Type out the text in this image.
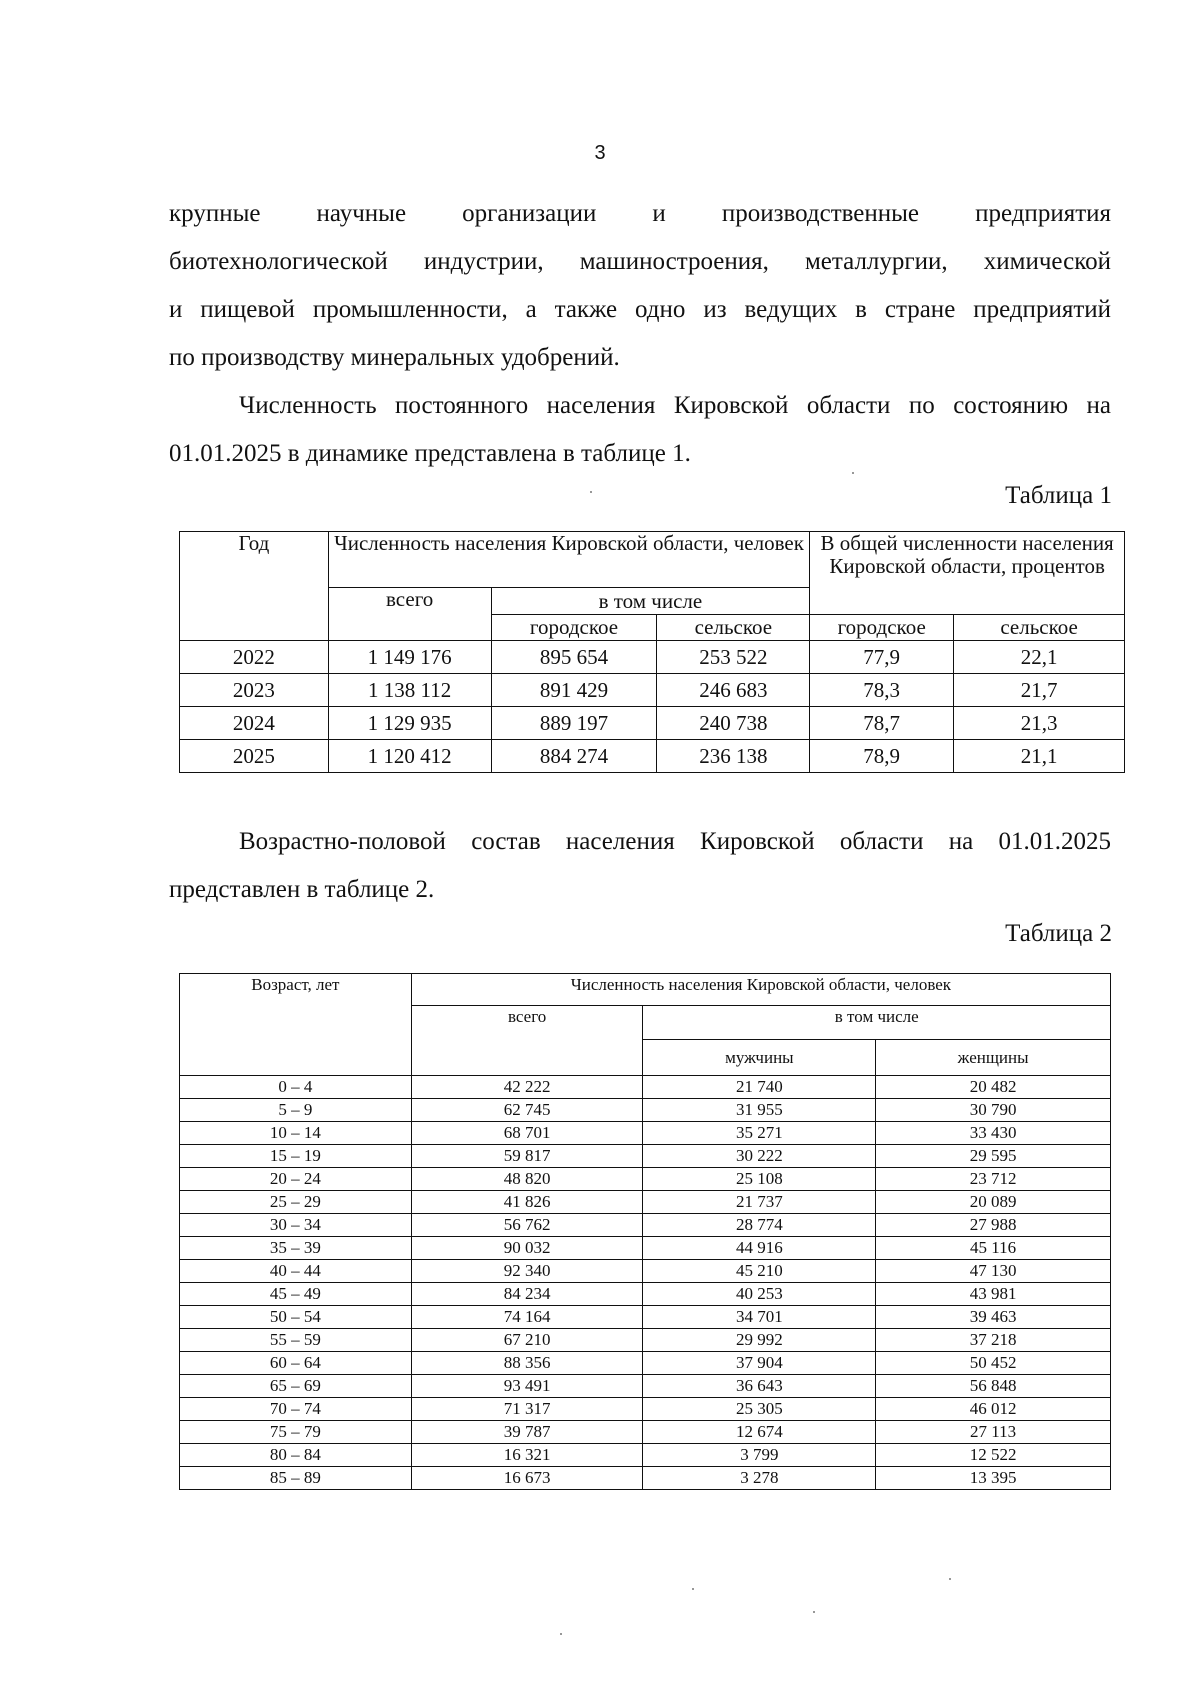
3
крупные научные организации и производственные предприятия
биотехнологической индустрии, машиностроения, металлургии, химической
и пищевой промышленности, а также одно из ведущих в стране предприятий
по производству минеральных удобрений.
Численность постоянного населения Кировской области по состоянию на
01.01.2025 в динамике представлена в таблице 1.
Таблица 1
Год	Численность населения Кировской области, человек			В общей численности населения Кировской области, процентов	
	всего	в том числе			
		городское	сельское	городское	сельское
2022	1 149 176	895 654	253 522	77,9	22,1
2023	1 138 112	891 429	246 683	78,3	21,7
2024	1 129 935	889 197	240 738	78,7	21,3
2025	1 120 412	884 274	236 138	78,9	21,1
Возрастно-половой состав населения Кировской области на 01.01.2025
представлен в таблице 2.
Таблица 2
Возраст, лет	Численность населения Кировской области, человек		
	всего	в том числе	
		мужчины	женщины
0 – 4	42 222	21 740	20 482
5 – 9	62 745	31 955	30 790
10 – 14	68 701	35 271	33 430
15 – 19	59 817	30 222	29 595
20 – 24	48 820	25 108	23 712
25 – 29	41 826	21 737	20 089
30 – 34	56 762	28 774	27 988
35 – 39	90 032	44 916	45 116
40 – 44	92 340	45 210	47 130
45 – 49	84 234	40 253	43 981
50 – 54	74 164	34 701	39 463
55 – 59	67 210	29 992	37 218
60 – 64	88 356	37 904	50 452
65 – 69	93 491	36 643	56 848
70 – 74	71 317	25 305	46 012
75 – 79	39 787	12 674	27 113
80 – 84	16 321	3 799	12 522
85 – 89	16 673	3 278	13 395
